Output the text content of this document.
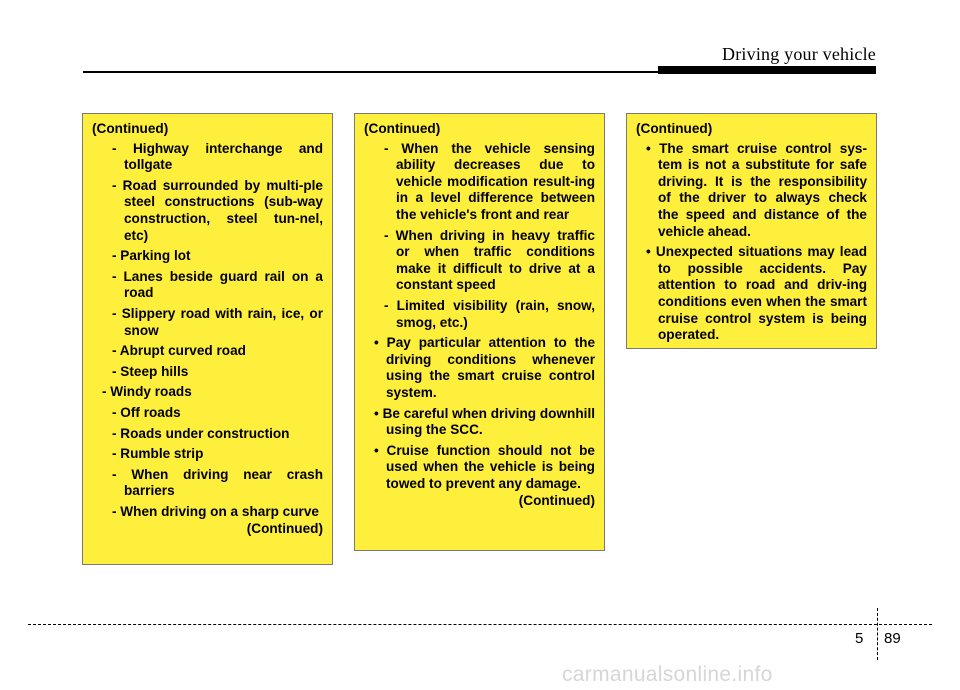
Driving your vehicle
(Continued)
- Highway interchange and tollgate
- Road surrounded by multi-ple steel constructions (sub-way construction, steel tun-nel, etc)
- Parking lot
- Lanes beside guard rail on a road
- Slippery road with rain, ice, or snow
- Abrupt curved road
- Steep hills
- Windy roads
- Off roads
- Roads under construction
- Rumble strip
- When driving near crash barriers
- When driving on a sharp curve
(Continued)
(Continued)
- When the vehicle sensing ability decreases due to vehicle modification result-ing in a level difference between the vehicle's front and rear
- When driving in heavy traffic or when traffic conditions make it difficult to drive at a constant speed
- Limited visibility (rain, snow, smog, etc.)
• Pay particular attention to the driving conditions whenever using the smart cruise control system.
• Be careful when driving downhill using the SCC.
• Cruise function should not be used when the vehicle is being towed to prevent any damage.
(Continued)
(Continued)
• The smart cruise control sys-tem is not a substitute for safe driving. It is the responsibility of the driver to always check the speed and distance of the vehicle ahead.
• Unexpected situations may lead to possible accidents. Pay attention to road and driv-ing conditions even when the smart cruise control system is being operated.
5 89
carmanualsonline.info
